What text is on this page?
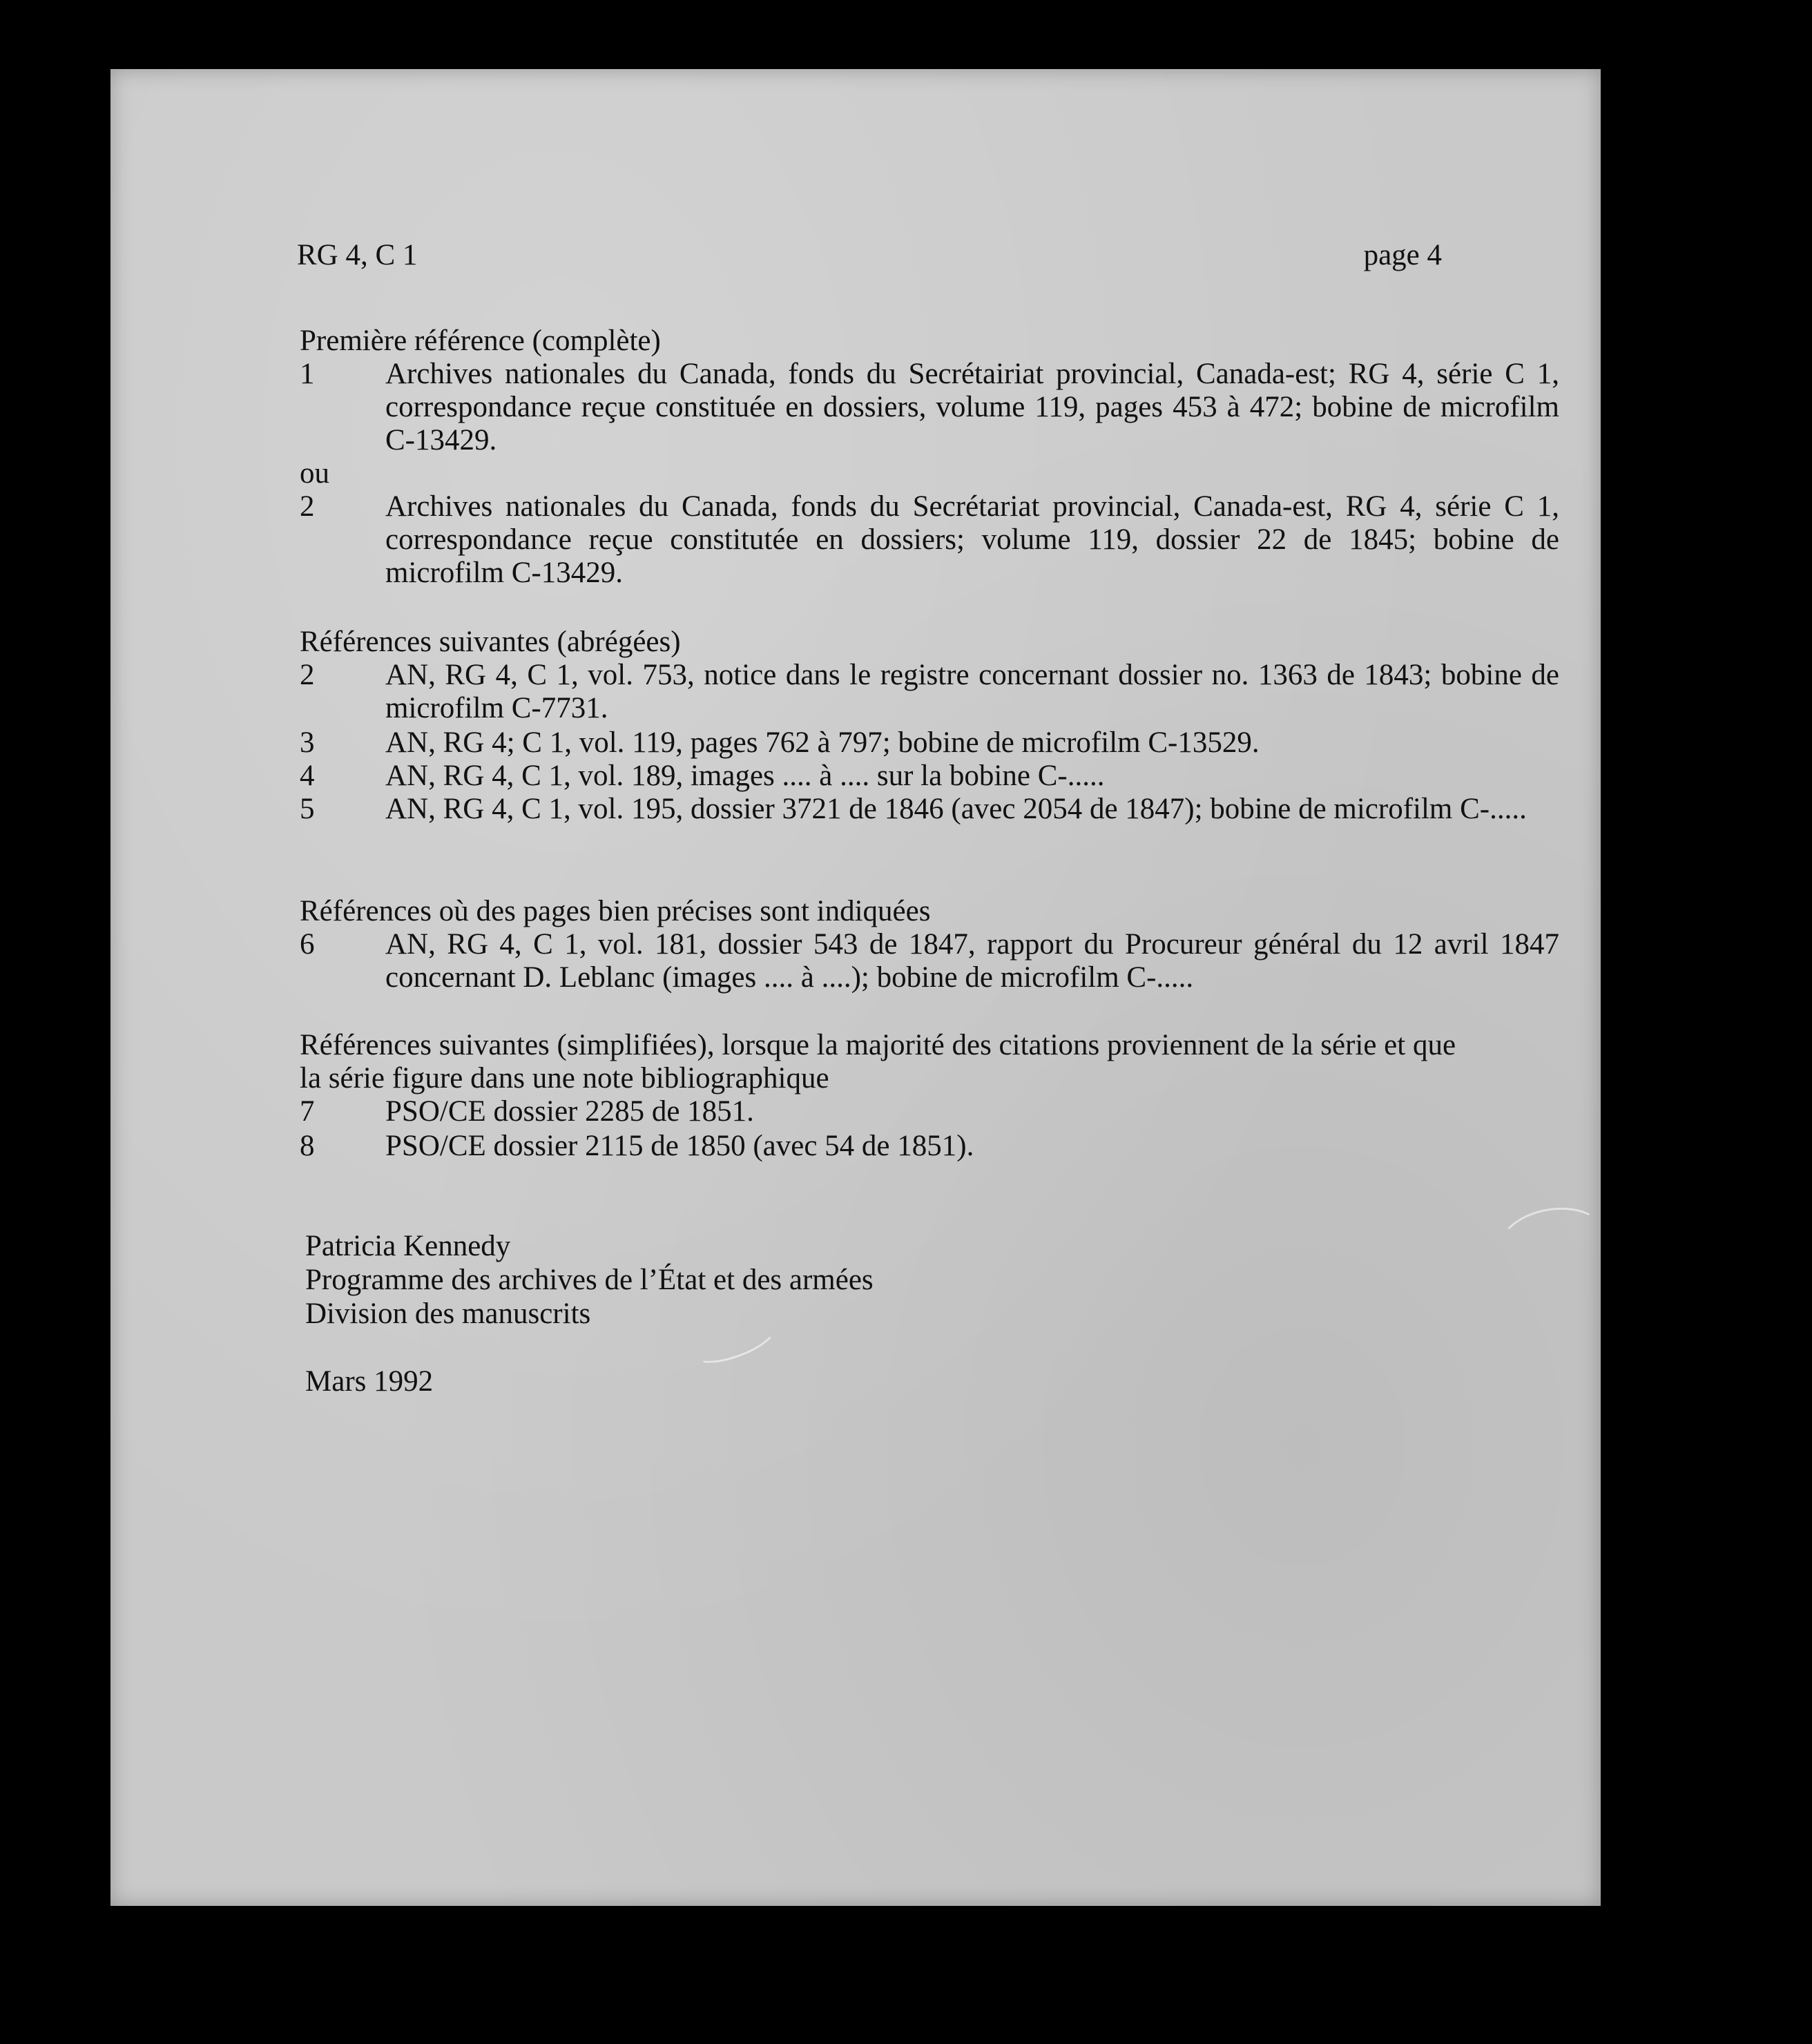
RG 4, C 1	page 4
Première référence (complète)
1	Archives nationales du Canada, fonds du Secrétairiat provincial, Canada-est; RG 4, série C 1, correspondance reçue constituée en dossiers, volume 119, pages 453 à 472; bobine de microfilm C-13429.
ou
2	Archives nationales du Canada, fonds du Secrétariat provincial, Canada-est, RG 4, série C 1, correspondance reçue constitutée en dossiers; volume 119, dossier 22 de 1845; bobine de microfilm C-13429.
Références suivantes (abrégées)
2	AN, RG 4, C 1, vol. 753, notice dans le registre concernant dossier no. 1363 de 1843; bobine de microfilm C-7731.
3	AN, RG 4; C 1, vol. 119, pages 762 à 797; bobine de microfilm C-13529.
4	AN, RG 4, C 1, vol. 189, images .... à .... sur la bobine C-.....
5	AN, RG 4, C 1, vol. 195, dossier 3721 de 1846 (avec 2054 de 1847); bobine de microfilm C-.....
Références où des pages bien précises sont indiquées
6	AN, RG 4, C 1, vol. 181, dossier 543 de 1847, rapport du Procureur général du 12 avril 1847 concernant D. Leblanc (images .... à ....); bobine de microfilm C-.....
Références suivantes (simplifiées), lorsque la majorité des citations proviennent de la série et que
la série figure dans une note bibliographique
7	PSO/CE dossier 2285 de 1851.
8	PSO/CE dossier 2115 de 1850 (avec 54 de 1851).
Patricia Kennedy
Programme des archives de l’État et des armées
Division des manuscrits
Mars 1992
